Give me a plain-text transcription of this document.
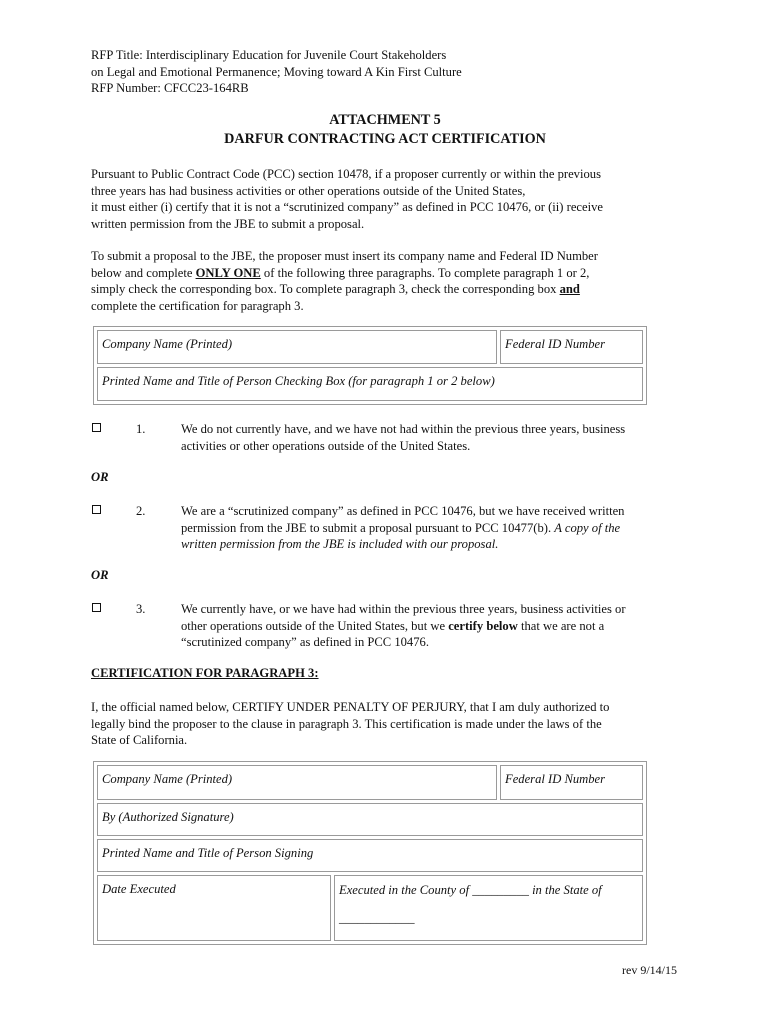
RFP Title: Interdisciplinary Education for Juvenile Court Stakeholders
on Legal and Emotional Permanence; Moving toward A Kin First Culture
RFP Number: CFCC23-164RB
ATTACHMENT 5
DARFUR CONTRACTING ACT CERTIFICATION
Pursuant to Public Contract Code (PCC) section 10478, if a proposer currently or within the previous
three years has had business activities or other operations outside of the United States,
it must either (i) certify that it is not a “scrutinized company” as defined in PCC 10476, or (ii) receive
written permission from the JBE to submit a proposal.
To submit a proposal to the JBE, the proposer must insert its company name and Federal ID Number
below and complete ONLY ONE of the following three paragraphs. To complete paragraph 1 or 2,
simply check the corresponding box. To complete paragraph 3, check the corresponding box and
complete the certification for paragraph 3.
Company Name (Printed)	Federal ID Number
Printed Name and Title of Person Checking Box (for paragraph 1 or 2 below)
1.	We do not currently have, and we have not had within the previous three years, business
activities or other operations outside of the United States.
OR
2.	We are a “scrutinized company” as defined in PCC 10476, but we have received written
permission from the JBE to submit a proposal pursuant to PCC 10477(b). A copy of the
written permission from the JBE is included with our proposal.
OR
3.	We currently have, or we have had within the previous three years, business activities or
other operations outside of the United States, but we certify below that we are not a
“scrutinized company” as defined in PCC 10476.
CERTIFICATION FOR PARAGRAPH 3:
I, the official named below, CERTIFY UNDER PENALTY OF PERJURY, that I am duly authorized to
legally bind the proposer to the clause in paragraph 3. This certification is made under the laws of the
State of California.
Company Name (Printed)		Federal ID Number
By (Authorized Signature)		
Printed Name and Title of Person Signing		
Date Executed	Executed in the County of _________ in the State of
____________	
rev 9/14/15
